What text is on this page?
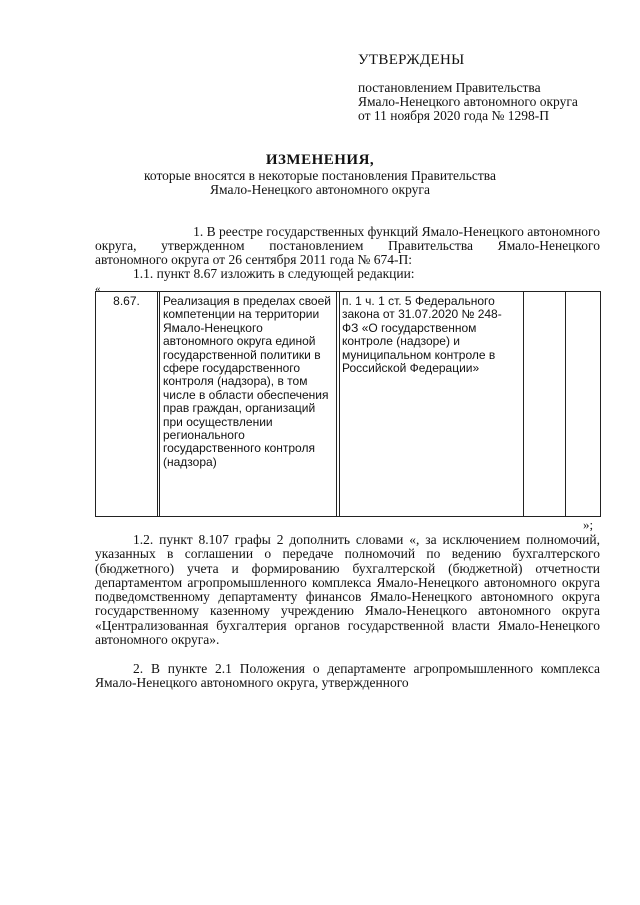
УТВЕРЖДЕНЫ
постановлением Правительства
Ямало-Ненецкого автономного округа
от 11 ноября 2020 года № 1298-П
ИЗМЕНЕНИЯ,
которые вносятся в некоторые постановления Правительства
Ямало-Ненецкого автономного округа
1. В реестре государственных функций Ямало-Ненецкого автономного
округа, утвержденном постановлением Правительства Ямало-Ненецкого
автономного округа от 26 сентября 2011 года № 674-П:
1.1. пункт 8.67 изложить в следующей редакции:
«
8.67.	Реализация в пределах своей компетенции на территории Ямало-Ненецкого автономного округа единой государственной политики в сфере государственного контроля (надзора), в том числе в области обеспечения прав граждан, организаций при осуществлении регионального государственного контроля (надзора)	п. 1 ч. 1 ст. 5 Федерального закона от 31.07.2020 № 248-ФЗ «О государственном контроле (надзоре) и муниципальном контроле в Российской Федерации»		
»;
1.2. пункт 8.107 графы 2 дополнить словами «, за исключением полномочий, указанных в соглашении о передаче полномочий по ведению бухгалтерского (бюджетного) учета и формированию бухгалтерской (бюджетной) отчетности департаментом агропромышленного комплекса Ямало-Ненецкого автономного округа подведомственному департаменту финансов Ямало-Ненецкого автономного округа государственному казенному учреждению Ямало-Ненецкого автономного округа «Централизованная бухгалтерия органов государственной власти Ямало-Ненецкого автономного округа».
2. В пункте 2.1 Положения о департаменте агропромышленного комплекса Ямало-Ненецкого автономного округа, утвержденного
